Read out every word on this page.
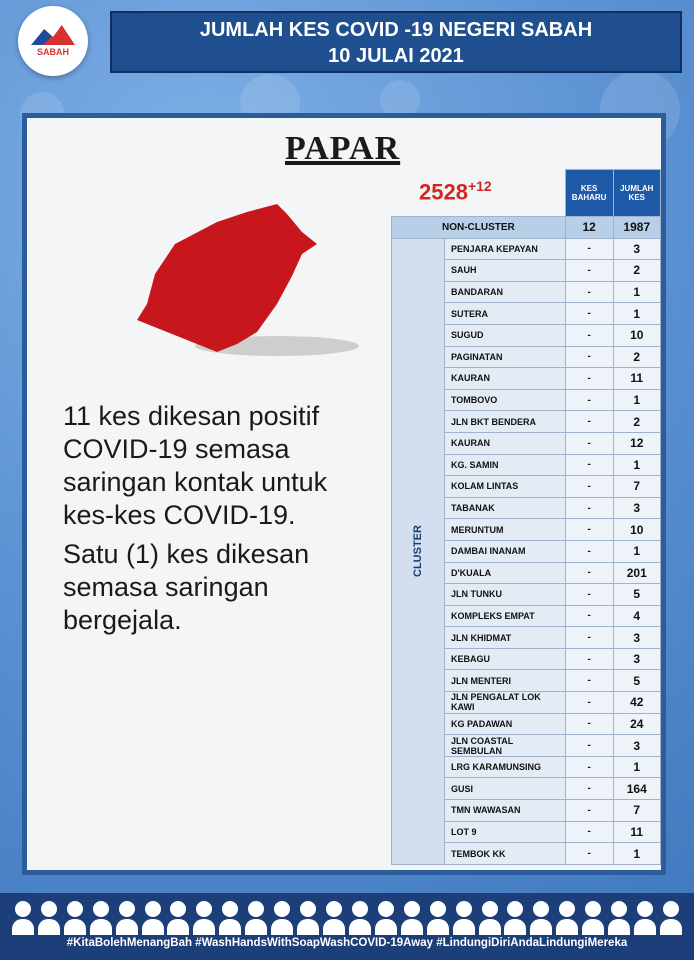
SABAH
JUMLAH KES COVID -19 NEGERI SABAH
10 JULAI 2021
PAPAR
$2528^{+12}$

11 kes dikesan positif COVID-19 semasa saringan kontak untuk kes-kes COVID-19.

Satu (1) kes dikesan semasa saringan bergejala.

		KES BAHARU	JUMLAH KES
NON-CLUSTER		12	1987
CLUSTER	PENJARA KEPAYAN	-	3
	SAUH	-	2
	BANDARAN	-	1
	SUTERA	-	1
	SUGUD	-	10
	PAGINATAN	-	2
	KAURAN	-	11
	TOMBOVO	-	1
	JLN BKT BENDERA	-	2
	KAURAN	-	12
	KG. SAMIN	-	1
	KOLAM LINTAS	-	7
	TABANAK	-	3
	MERUNTUM	-	10
	DAMBAI INANAM	-	1
	D'KUALA	-	201
	JLN TUNKU	-	5
	KOMPLEKS EMPAT	-	4
	JLN KHIDMAT	-	3
	KEBAGU	-	3
	JLN MENTERI	-	5
	JLN PENGALAT LOK KAWI	-	42
	KG PADAWAN	-	24
	JLN COASTAL SEMBULAN	-	3
	LRG KARAMUNSING	-	1
	GUSI	-	164
	TMN WAWASAN	-	7
	LOT 9	-	11
	TEMBOK KK	-	1
#KitaBolehMenangBah #WashHandsWithSoapWashCOVID-19Away #LindungiDiriAndaLindungiMereka
